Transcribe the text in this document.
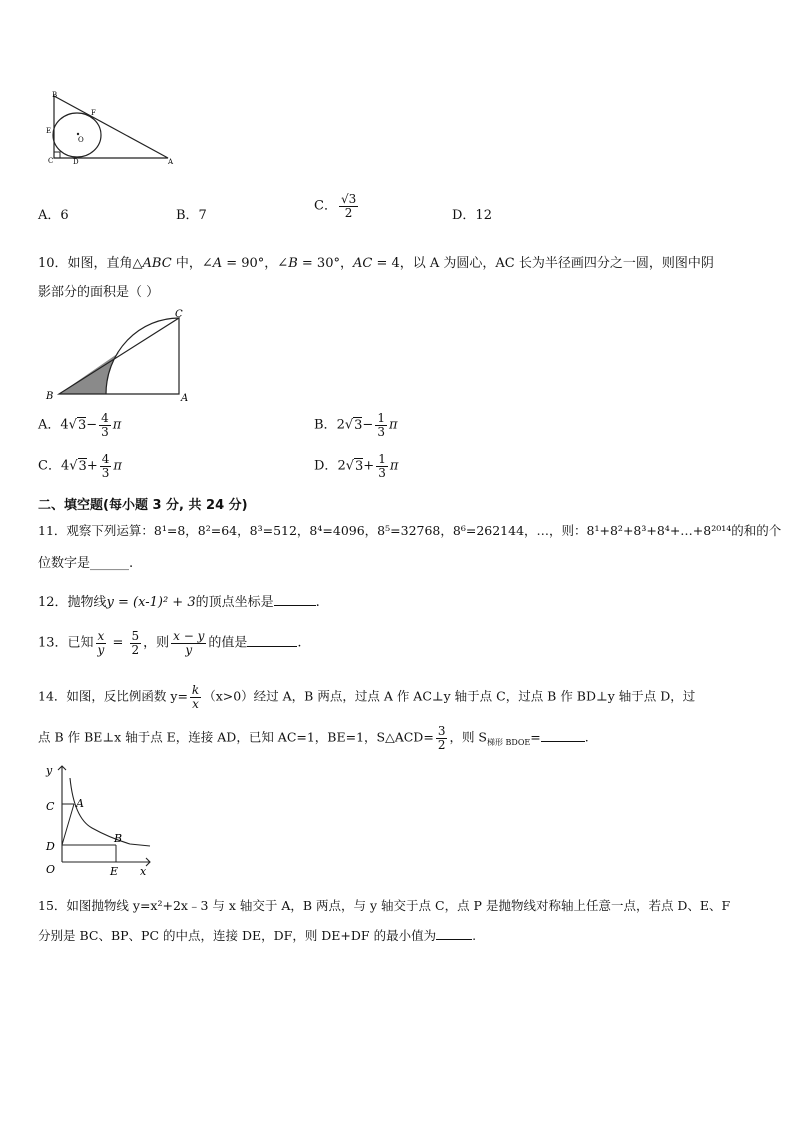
B
F
E
O
C	D	A
A．6	B．7
C． $\frac{√3}{2}$	D．12
10．如图，直角△ABC 中，∠A = 90°，∠B = 30°，AC = 4，以 A 为圆心，AC 长为半径画四分之一圆，则图中阴
影部分的面积是（ ）
C
B	A
A．$4√3- \frac{4}{3}$ π	B．$2√3- \frac{1}{3}$ π
C．$4√3+ \frac{4}{3}$ π	D．$2√3+ \frac{1}{3}$ π
二、填空题(每小题 3 分, 共 24 分)
11．观察下列运算：8¹=8，8²=64，8³=512，8⁴=4096，8⁵=32768，8⁶=262144，…，则：8¹+8²+8³+8⁴+…+8²⁰¹⁴的和的个
位数字是______.
12．抛物线y = (x-1)² + 3的顶点坐标是	.
13．已知 $\frac{x}{y} = \frac{5}{2}$ ，则 $\frac{x - y}{y}$ 的值是	.
14．如图，反比例函数 $y= \frac{k}{x} (x>0)$经过 A，B 两点，过点 A 作 AC⊥y 轴于点 C，过点 B 作 BD⊥y 轴于点 D，过
点 B 作 BE⊥x 轴于点 E，连接 AD，已知 AC=1，BE=1，S△ACD= $\frac{3}{2}$ ，则 $S_{梯形 BDOE}=$	.
y
C A
B
D
O	E x
15．如图抛物线 y=x²+2x﹣3 与 x 轴交于 A，B 两点，与 y 轴交于点 C，点 P 是抛物线对称轴上任意一点，若点 D、E、F
分别是 BC、BP、PC 的中点，连接 DE，DF，则 DE+DF 的最小值为	.
